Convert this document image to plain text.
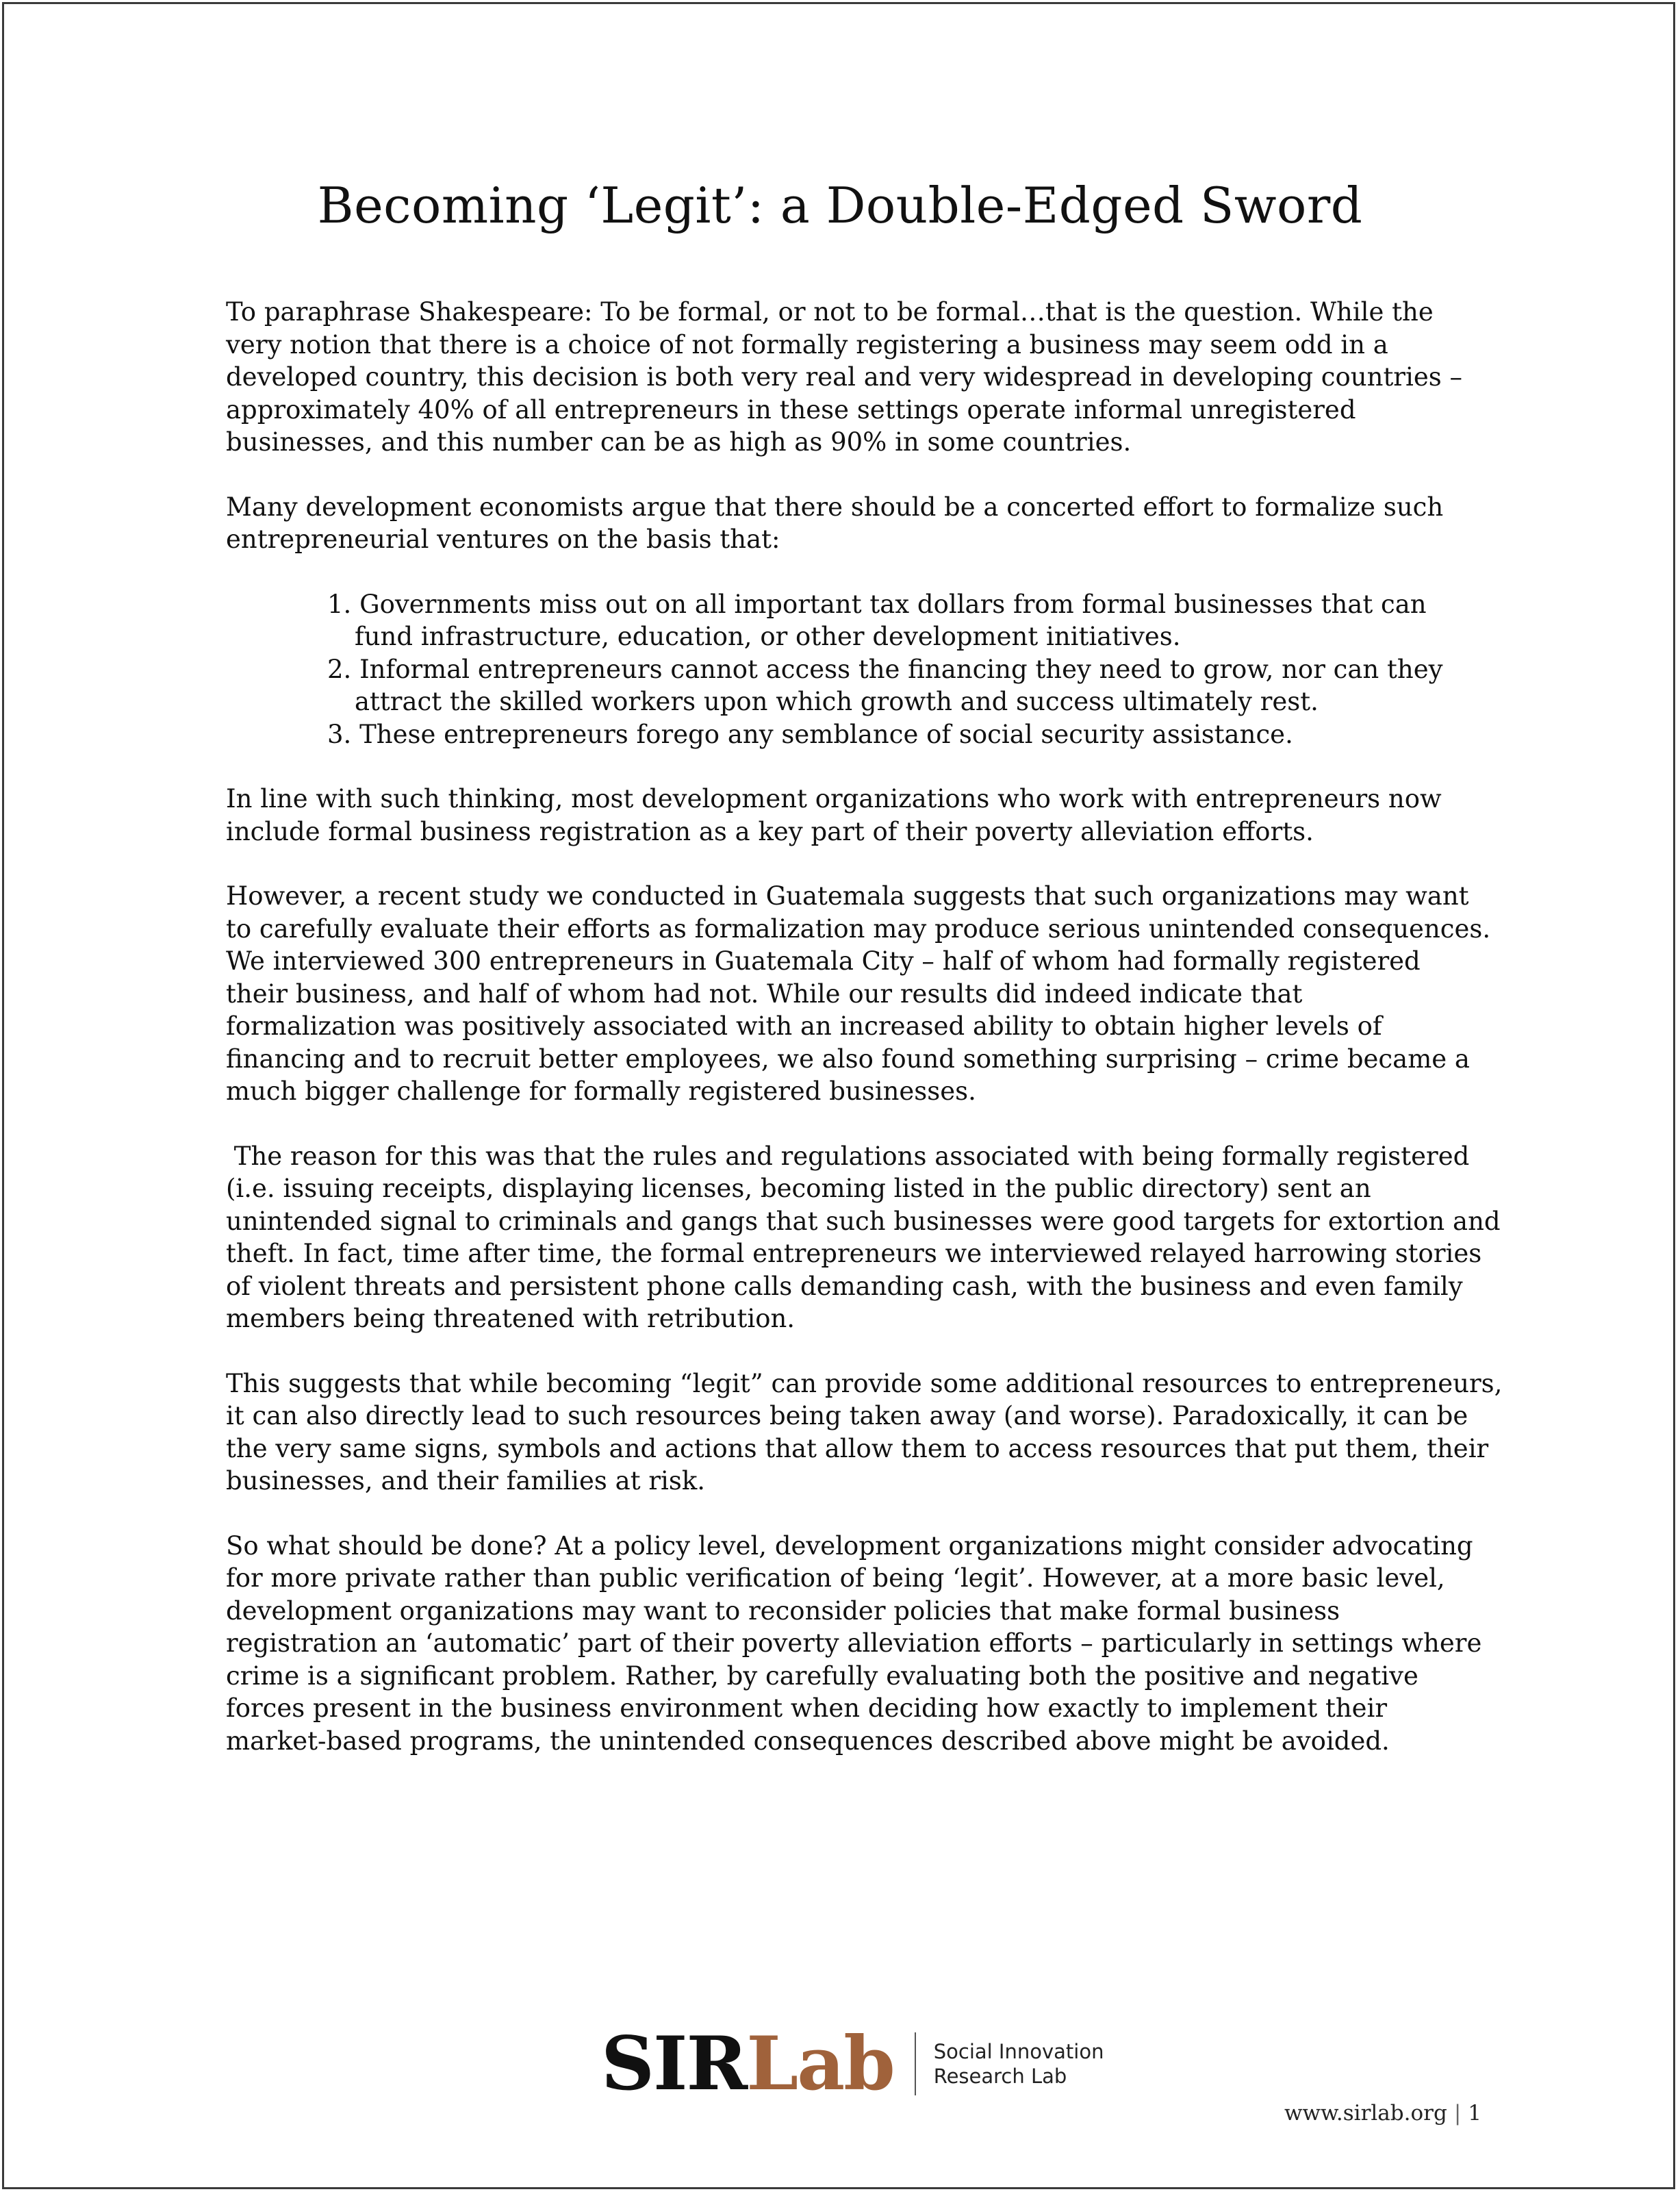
Becoming ‘Legit’: a Double-Edged Sword

To paraphrase Shakespeare: To be formal, or not to be formal…that is the question. While the
very notion that there is a choice of not formally registering a business may seem odd in a
developed country, this decision is both very real and very widespread in developing countries –
approximately 40% of all entrepreneurs in these settings operate informal unregistered
businesses, and this number can be as high as 90% in some countries.

Many development economists argue that there should be a concerted effort to formalize such
entrepreneurial ventures on the basis that:

1. Governments miss out on all important tax dollars from formal businesses that can
fund infrastructure, education, or other development initiatives.
2. Informal entrepreneurs cannot access the financing they need to grow, nor can they
attract the skilled workers upon which growth and success ultimately rest.
3. These entrepreneurs forego any semblance of social security assistance.

In line with such thinking, most development organizations who work with entrepreneurs now
include formal business registration as a key part of their poverty alleviation efforts.

However, a recent study we conducted in Guatemala suggests that such organizations may want
to carefully evaluate their efforts as formalization may produce serious unintended consequences.
We interviewed 300 entrepreneurs in Guatemala City – half of whom had formally registered
their business, and half of whom had not. While our results did indeed indicate that
formalization was positively associated with an increased ability to obtain higher levels of
financing and to recruit better employees, we also found something surprising – crime became a
much bigger challenge for formally registered businesses.

The reason for this was that the rules and regulations associated with being formally registered
(i.e. issuing receipts, displaying licenses, becoming listed in the public directory) sent an
unintended signal to criminals and gangs that such businesses were good targets for extortion and
theft. In fact, time after time, the formal entrepreneurs we interviewed relayed harrowing stories
of violent threats and persistent phone calls demanding cash, with the business and even family
members being threatened with retribution.

This suggests that while becoming “legit” can provide some additional resources to entrepreneurs,
it can also directly lead to such resources being taken away (and worse). Paradoxically, it can be
the very same signs, symbols and actions that allow them to access resources that put them, their
businesses, and their families at risk.

So what should be done? At a policy level, development organizations might consider advocating
for more private rather than public verification of being ‘legit’. However, at a more basic level,
development organizations may want to reconsider policies that make formal business
registration an ‘automatic’ part of their poverty alleviation efforts – particularly in settings where
crime is a significant problem. Rather, by carefully evaluating both the positive and negative
forces present in the business environment when deciding how exactly to implement their
market-based programs, the unintended consequences described above might be avoided.

SIR Lab Social Innovation
Research Lab
www.sirlab.org | 1
